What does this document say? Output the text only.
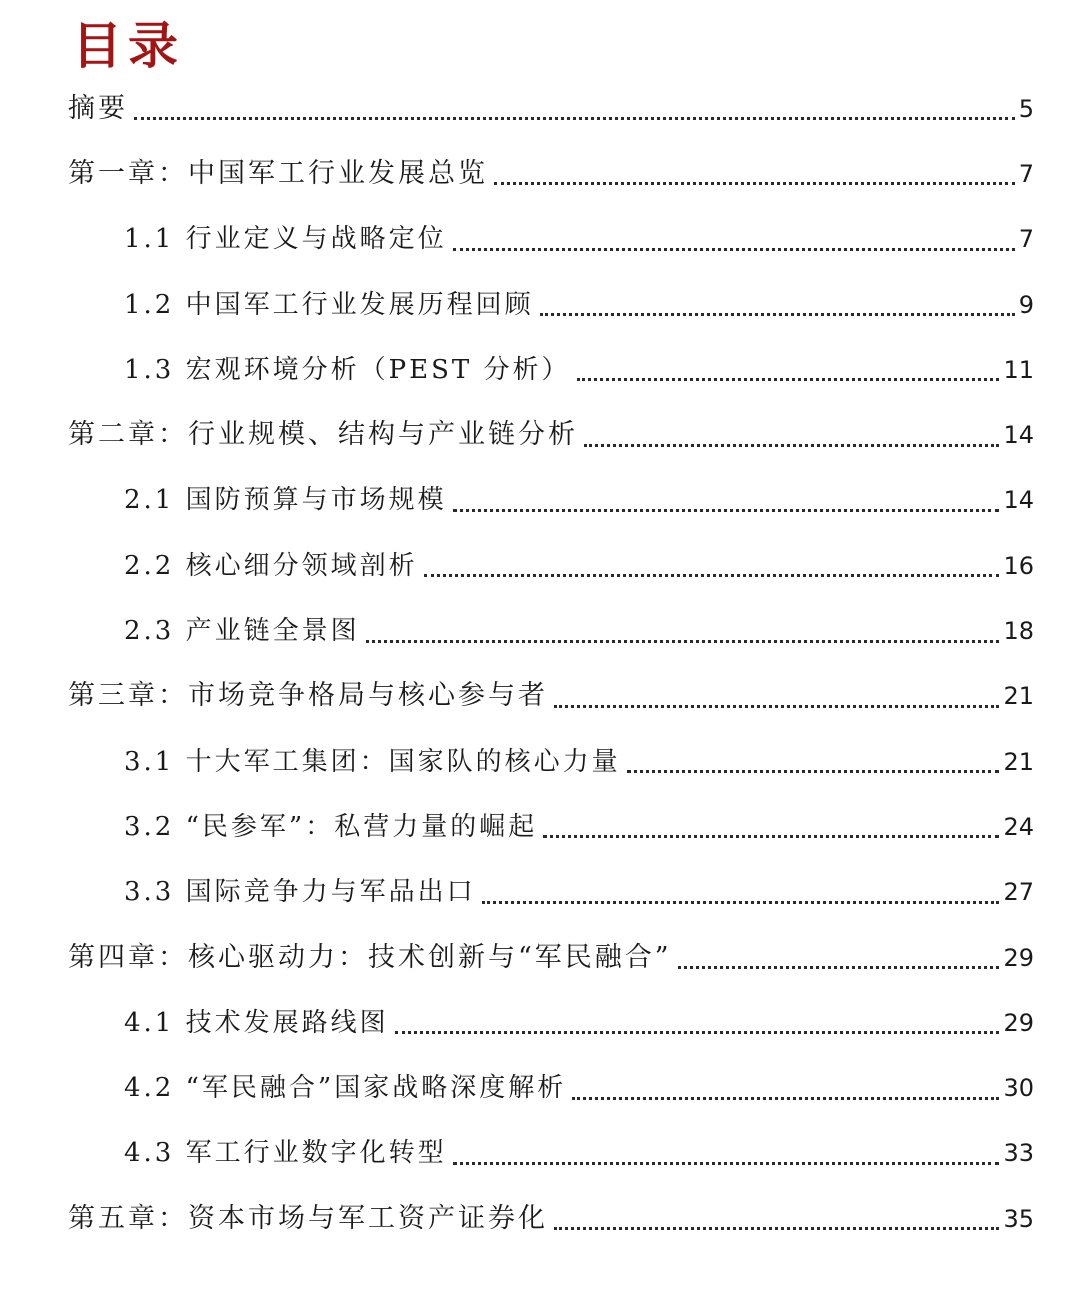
目录
摘要	5
第一章：中国军工行业发展总览	7
1.1 行业定义与战略定位	7
1.2 中国军工行业发展历程回顾	9
1.3 宏观环境分析（PEST 分析）	11
第二章：行业规模、结构与产业链分析	14
2.1 国防预算与市场规模	14
2.2 核心细分领域剖析	16
2.3 产业链全景图	18
第三章：市场竞争格局与核心参与者	21
3.1 十大军工集团：国家队的核心力量	21
3.2 “民参军”：私营力量的崛起	24
3.3 国际竞争力与军品出口	27
第四章：核心驱动力：技术创新与“军民融合”	29
4.1 技术发展路线图	29
4.2 “军民融合”国家战略深度解析	30
4.3 军工行业数字化转型	33
第五章：资本市场与军工资产证券化	35
